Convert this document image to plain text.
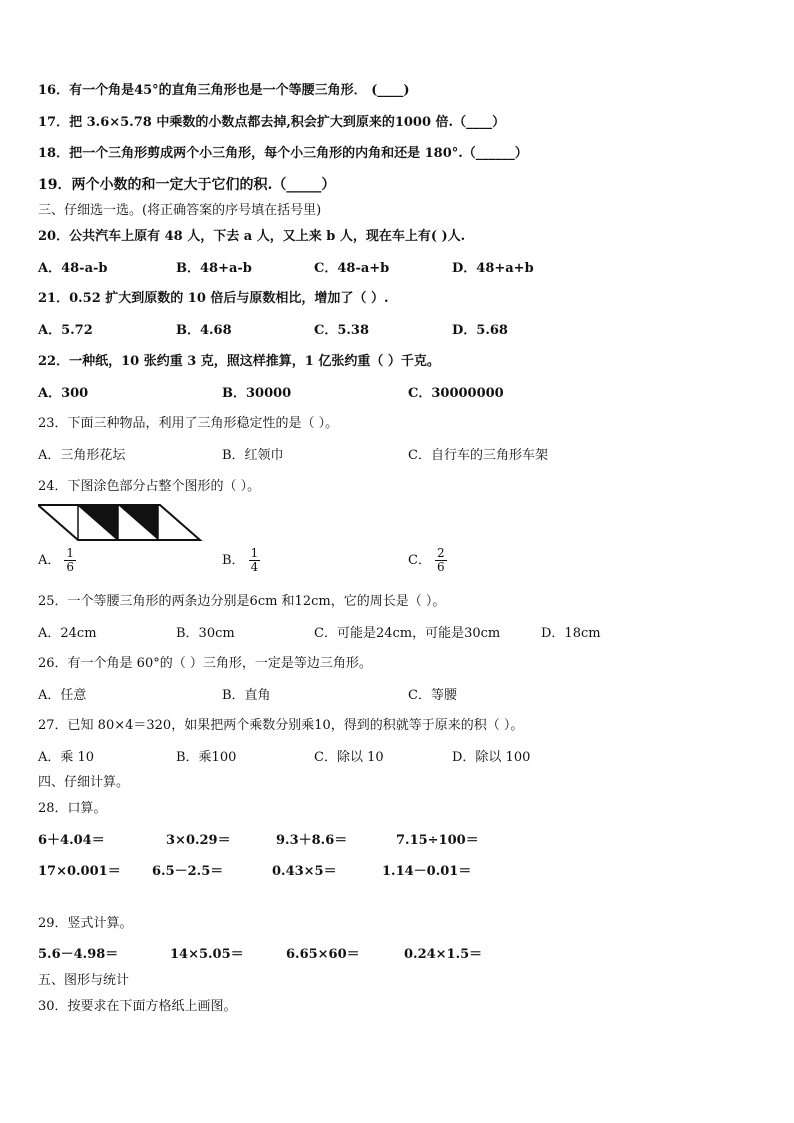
16．有一个角是45°的直角三角形也是一个等腰三角形． (____)
17．把 3.6×5.78 中乘数的小数点都去掉,积会扩大到原来的1000 倍.（____）
18．把一个三角形剪成两个小三角形，每个小三角形的内角和还是 180°.（______）
19．两个小数的和一定大于它们的积.（_____）
三、仔细选一选。(将正确答案的序号填在括号里)
20．公共汽车上原有 48 人，下去 a 人，又上来 b 人，现在车上有( )人.
A．48-a-b	B．48+a-b	C．48-a+b	D．48+a+b
21．0.52 扩大到原数的 10 倍后与原数相比，增加了（ ）.
A．5.72	B．4.68	C．5.38	D．5.68
22．一种纸，10 张约重 3 克，照这样推算，1 亿张约重（ ）千克。
A．300	B．30000	C．30000000
23．下面三种物品，利用了三角形稳定性的是（ ）。
A．三角形花坛	B．红领巾	C．自行车的三角形车架
24．下图涂色部分占整个图形的（ ）。
A． $\frac{1}{6}$	B． $\frac{1}{4}$	C． $\frac{2}{6}$
25．一个等腰三角形的两条边分别是6cm 和12cm，它的周长是（ ）。
A．24cm	B．30cm	C．可能是24cm，可能是30cm	D．18cm
26．有一个角是 60°的（ ）三角形，一定是等边三角形。
A．任意	B．直角	C．等腰
27．已知 80×4＝320，如果把两个乘数分别乘10，得到的积就等于原来的积（ ）。
A．乘 10	B．乘100	C．除以 10	D．除以 100
四、仔细计算。
28．口算。
6＋4.04＝	3×0.29＝	9.3＋8.6＝	7.15÷100＝
17×0.001＝ 6.5－2.5＝	0.43×5＝	1.14－0.01＝
29．竖式计算。
5.6－4.98＝	14×5.05＝	6.65×60＝	0.24×1.5＝
五、图形与统计
30．按要求在下面方格纸上画图。
